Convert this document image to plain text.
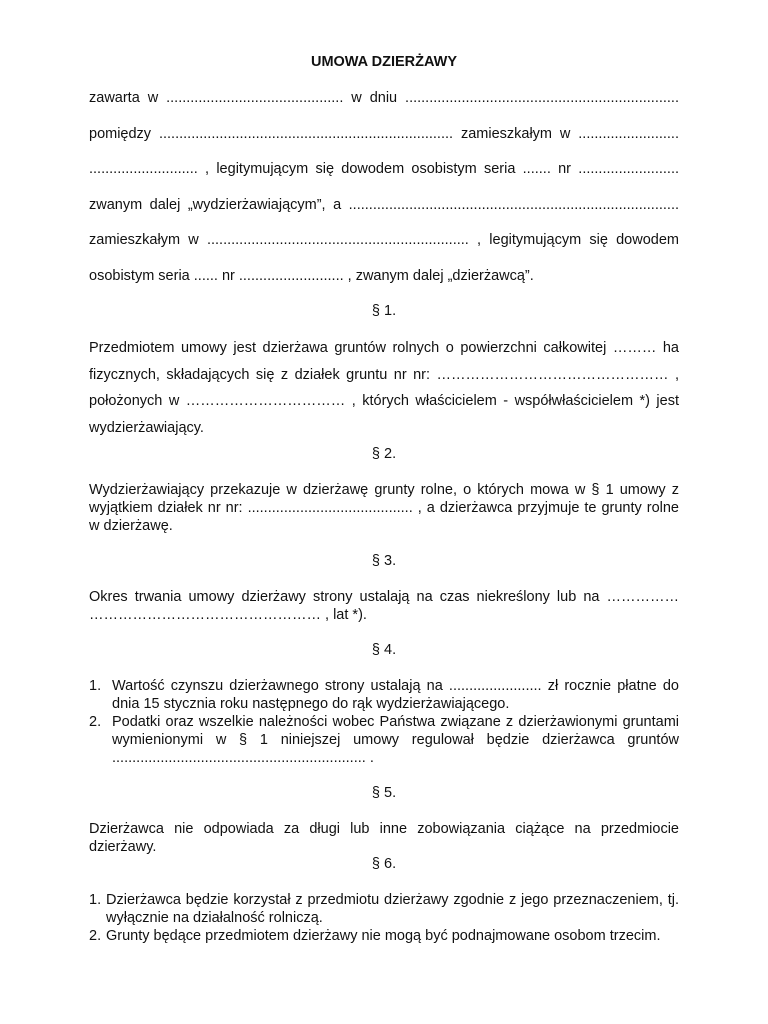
UMOWA DZIERŻAWY
zawarta w ............................................ w dniu ....................................................................
pomiędzy ......................................................................... zamieszkałym w .........................
........................... , legitymującym się dowodem osobistym seria ....... nr .........................
zwanym dalej „wydzierżawiającym”, a ..................................................................................
zamieszkałym w ................................................................. , legitymującym się dowodem
osobistym seria ...... nr .......................... , zwanym dalej „dzierżawcą”.
§ 1.
Przedmiotem umowy jest dzierżawa gruntów rolnych o powierzchni całkowitej ……… ha
fizycznych, składających się z działek gruntu nr nr: ………………………………………… ,
położonych w …………………………… , których właścicielem - współwłaścicielem *) jest
wydzierżawiający.
§ 2.
Wydzierżawiający przekazuje w dzierżawę grunty rolne, o których mowa w § 1 umowy z wyjątkiem działek nr nr: ......................................... , a dzierżawca przyjmuje te grunty rolne w dzierżawę.
§ 3.
Okres trwania umowy dzierżawy strony ustalają na czas niekreślony lub na …………… ………………………………………… , lat *).
§ 4.
1. Wartość czynszu dzierżawnego strony ustalają na ....................... zł rocznie płatne do dnia 15 stycznia roku następnego do rąk wydzierżawiającego.
2. Podatki oraz wszelkie należności wobec Państwa związane z dzierżawionymi gruntami wymienionymi w § 1 niniejszej umowy regulował będzie dzierżawca gruntów ............................................................... .
§ 5.
Dzierżawca nie odpowiada za długi lub inne zobowiązania ciążące na przedmiocie dzierżawy.
§ 6.
1. Dzierżawca będzie korzystał z przedmiotu dzierżawy zgodnie z jego przeznaczeniem, tj. wyłącznie na działalność rolniczą.
2. Grunty będące przedmiotem dzierżawy nie mogą być podnajmowane osobom trzecim.
